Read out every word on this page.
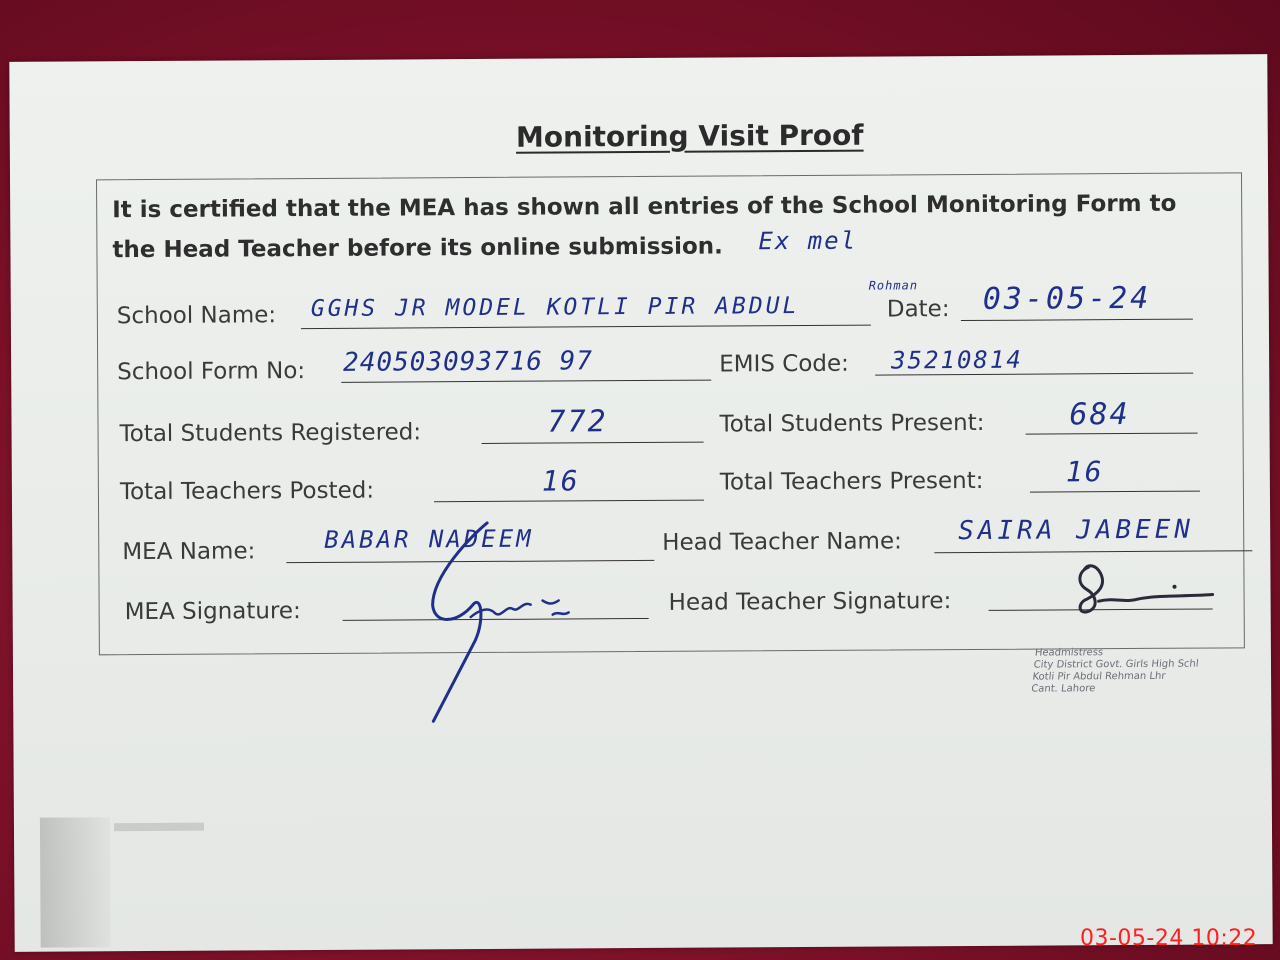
Monitoring Visit Proof
It is certified that the MEA has shown all entries of the School Monitoring Form to
the Head Teacher before its online submission. Ex mel
School Name: GGHS JR MODEL KOTLI PIR ABDUL
Rohman
Date: 03-05-24
School Form No: 240503093716 97	EMIS Code: 35210814
Total Students Registered:	772	Total Students Present:	684
Total Teachers Posted:	16	Total Teachers Present:	16
MEA Name:	BABAR NADEEM	Head Teacher Name: SAIRA JABEEN
MEA Signature:	Head Teacher Signature:
Headmistress
City District Govt. Girls High Schl
Kotli Pir Abdul Rehman Lhr
Cant. Lahore
03-05-24 10:22
